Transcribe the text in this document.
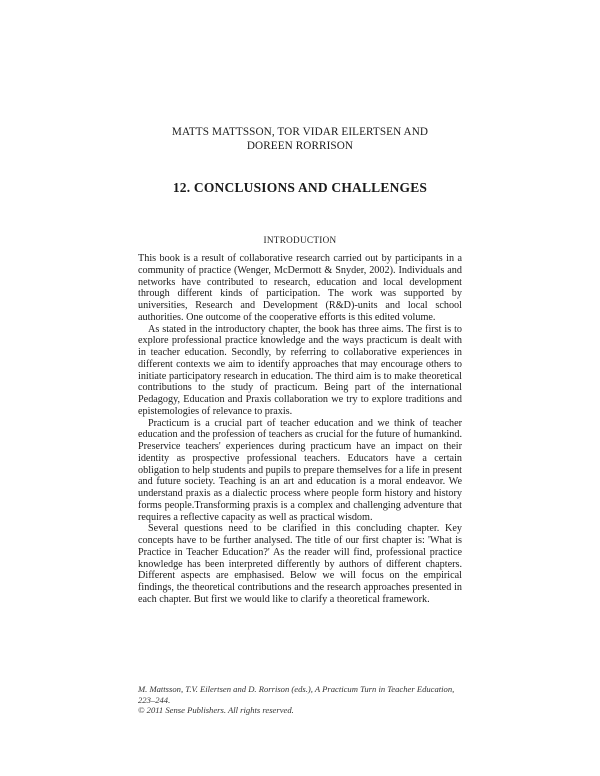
MATTS MATTSSON, TOR VIDAR EILERTSEN AND
DOREEN RORRISON
12. CONCLUSIONS AND CHALLENGES
INTRODUCTION

This book is a result of collaborative research carried out by participants in a community of practice (Wenger, McDermott & Snyder, 2002). Individuals and networks have contributed to research, education and local development through different kinds of participation. The work was supported by universities, Research and Development (R&D)-units and local school authorities. One outcome of the cooperative efforts is this edited volume.

As stated in the introductory chapter, the book has three aims. The first is to explore professional practice knowledge and the ways practicum is dealt with in teacher education. Secondly, by referring to collaborative experiences in different contexts we aim to identify approaches that may encourage others to initiate participatory research in education. The third aim is to make theoretical contributions to the study of practicum. Being part of the international Pedagogy, Education and Praxis collaboration we try to explore traditions and epistemologies of relevance to praxis.

Practicum is a crucial part of teacher education and we think of teacher education and the profession of teachers as crucial for the future of humankind. Preservice teachers' experiences during practicum have an impact on their identity as prospective professional teachers. Educators have a certain obligation to help students and pupils to prepare themselves for a life in present and future society. Teaching is an art and education is a moral endeavor. We understand praxis as a dialectic process where people form history and history forms people.Transforming praxis is a complex and challenging adventure that requires a reflective capacity as well as practical wisdom.

Several questions need to be clarified in this concluding chapter. Key concepts have to be further analysed. The title of our first chapter is: 'What is Practice in Teacher Education?' As the reader will find, professional practice knowledge has been interpreted differently by authors of different chapters. Different aspects are emphasised. Below we will focus on the empirical findings, the theoretical contributions and the research approaches presented in each chapter. But first we would like to clarify a theoretical framework.

M. Mattsson, T.V. Eilertsen and D. Rorrison (eds.), A Practicum Turn in Teacher Education, 223–244.
© 2011 Sense Publishers. All rights reserved.
